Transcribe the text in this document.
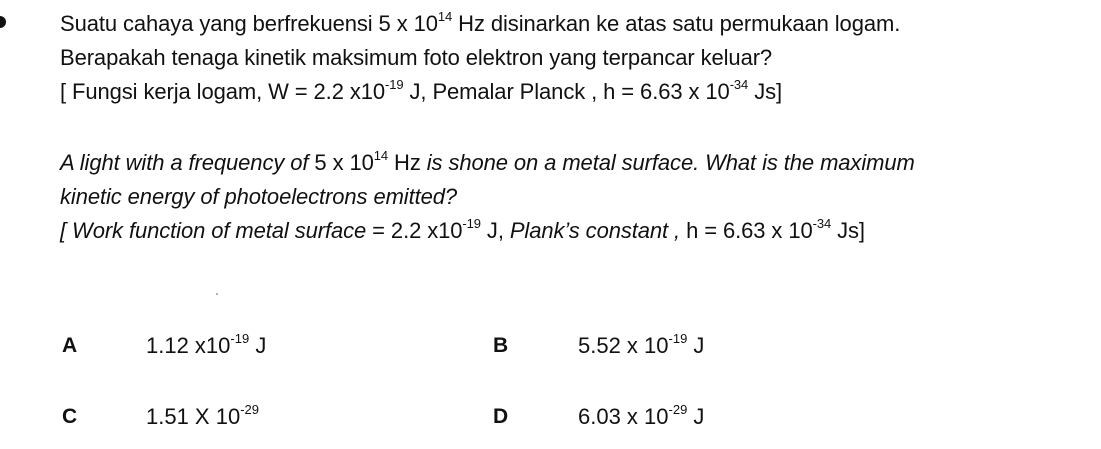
Suatu cahaya yang berfrekuensi 5 x $10^{14}$ Hz disinarkan ke atas satu permukaan logam.
Berapakah tenaga kinetik maksimum foto elektron yang terpancar keluar?
[ Fungsi kerja logam, W = 2.2 $x10^{-19}$ J, Pemalar Planck , h = 6.63 x $10^{-34}$ Js]
A light with a frequency of 5 x $10^{14}$ Hz is shone on a metal surface. What is the maximum
kinetic energy of photoelectrons emitted?
[ Work function of metal surface = 2.2 $x10^{-19}$ J, Plank’s constant , h = 6.63 x $10^{-34}$ Js]
A	1.12 $x10^{-19}$ J	B	5.52 x $10^{-19}$ J
C	1.51 X $10^{-29}$	D	6.03 x $10^{-29}$ J
